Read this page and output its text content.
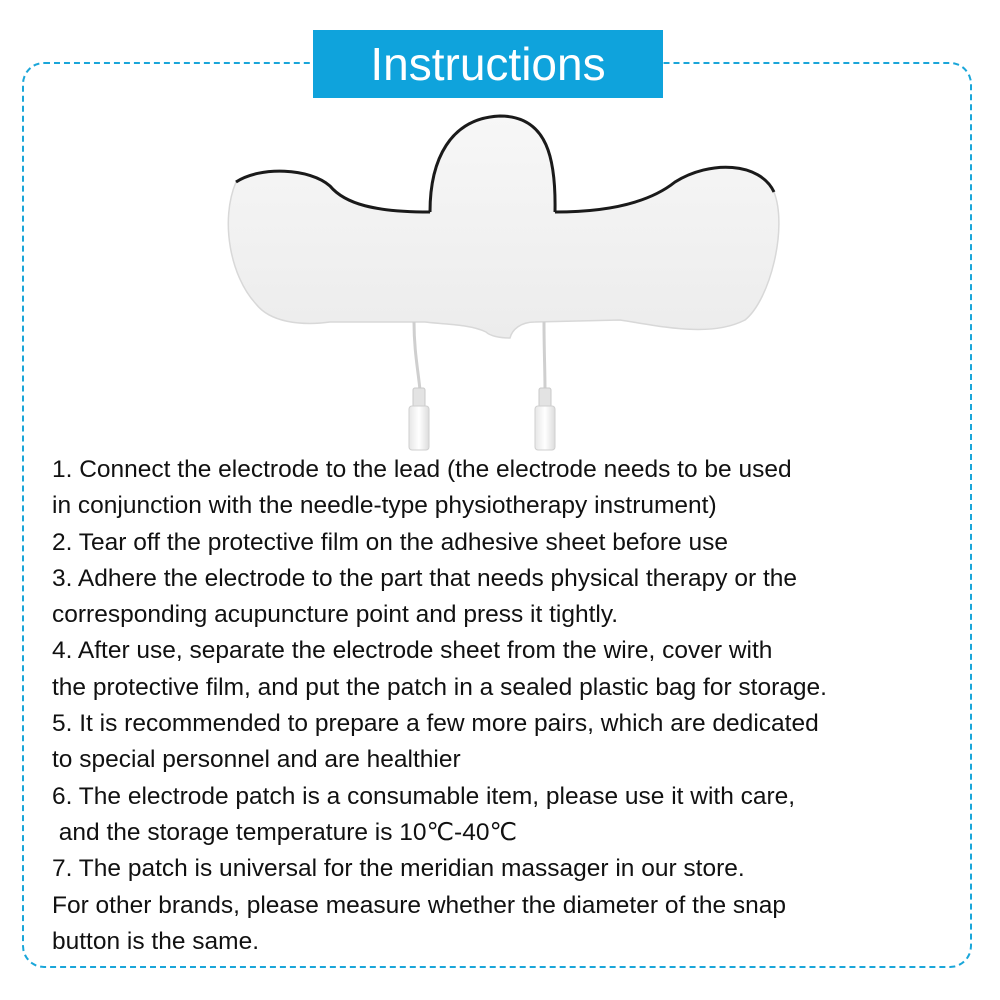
Instructions
1. Connect the electrode to the lead (the electrode needs to be used
in conjunction with the needle-type physiotherapy instrument)
2. Tear off the protective film on the adhesive sheet before use
3. Adhere the electrode to the part that needs physical therapy or the
corresponding acupuncture point and press it tightly.
4. After use, separate the electrode sheet from the wire, cover with
the protective film, and put the patch in a sealed plastic bag for storage.
5. It is recommended to prepare a few more pairs, which are dedicated
to special personnel and are healthier
6. The electrode patch is a consumable item, please use it with care,
and the storage temperature is 10℃-40℃
7. The patch is universal for the meridian massager in our store.
For other brands, please measure whether the diameter of the snap
button is the same.
